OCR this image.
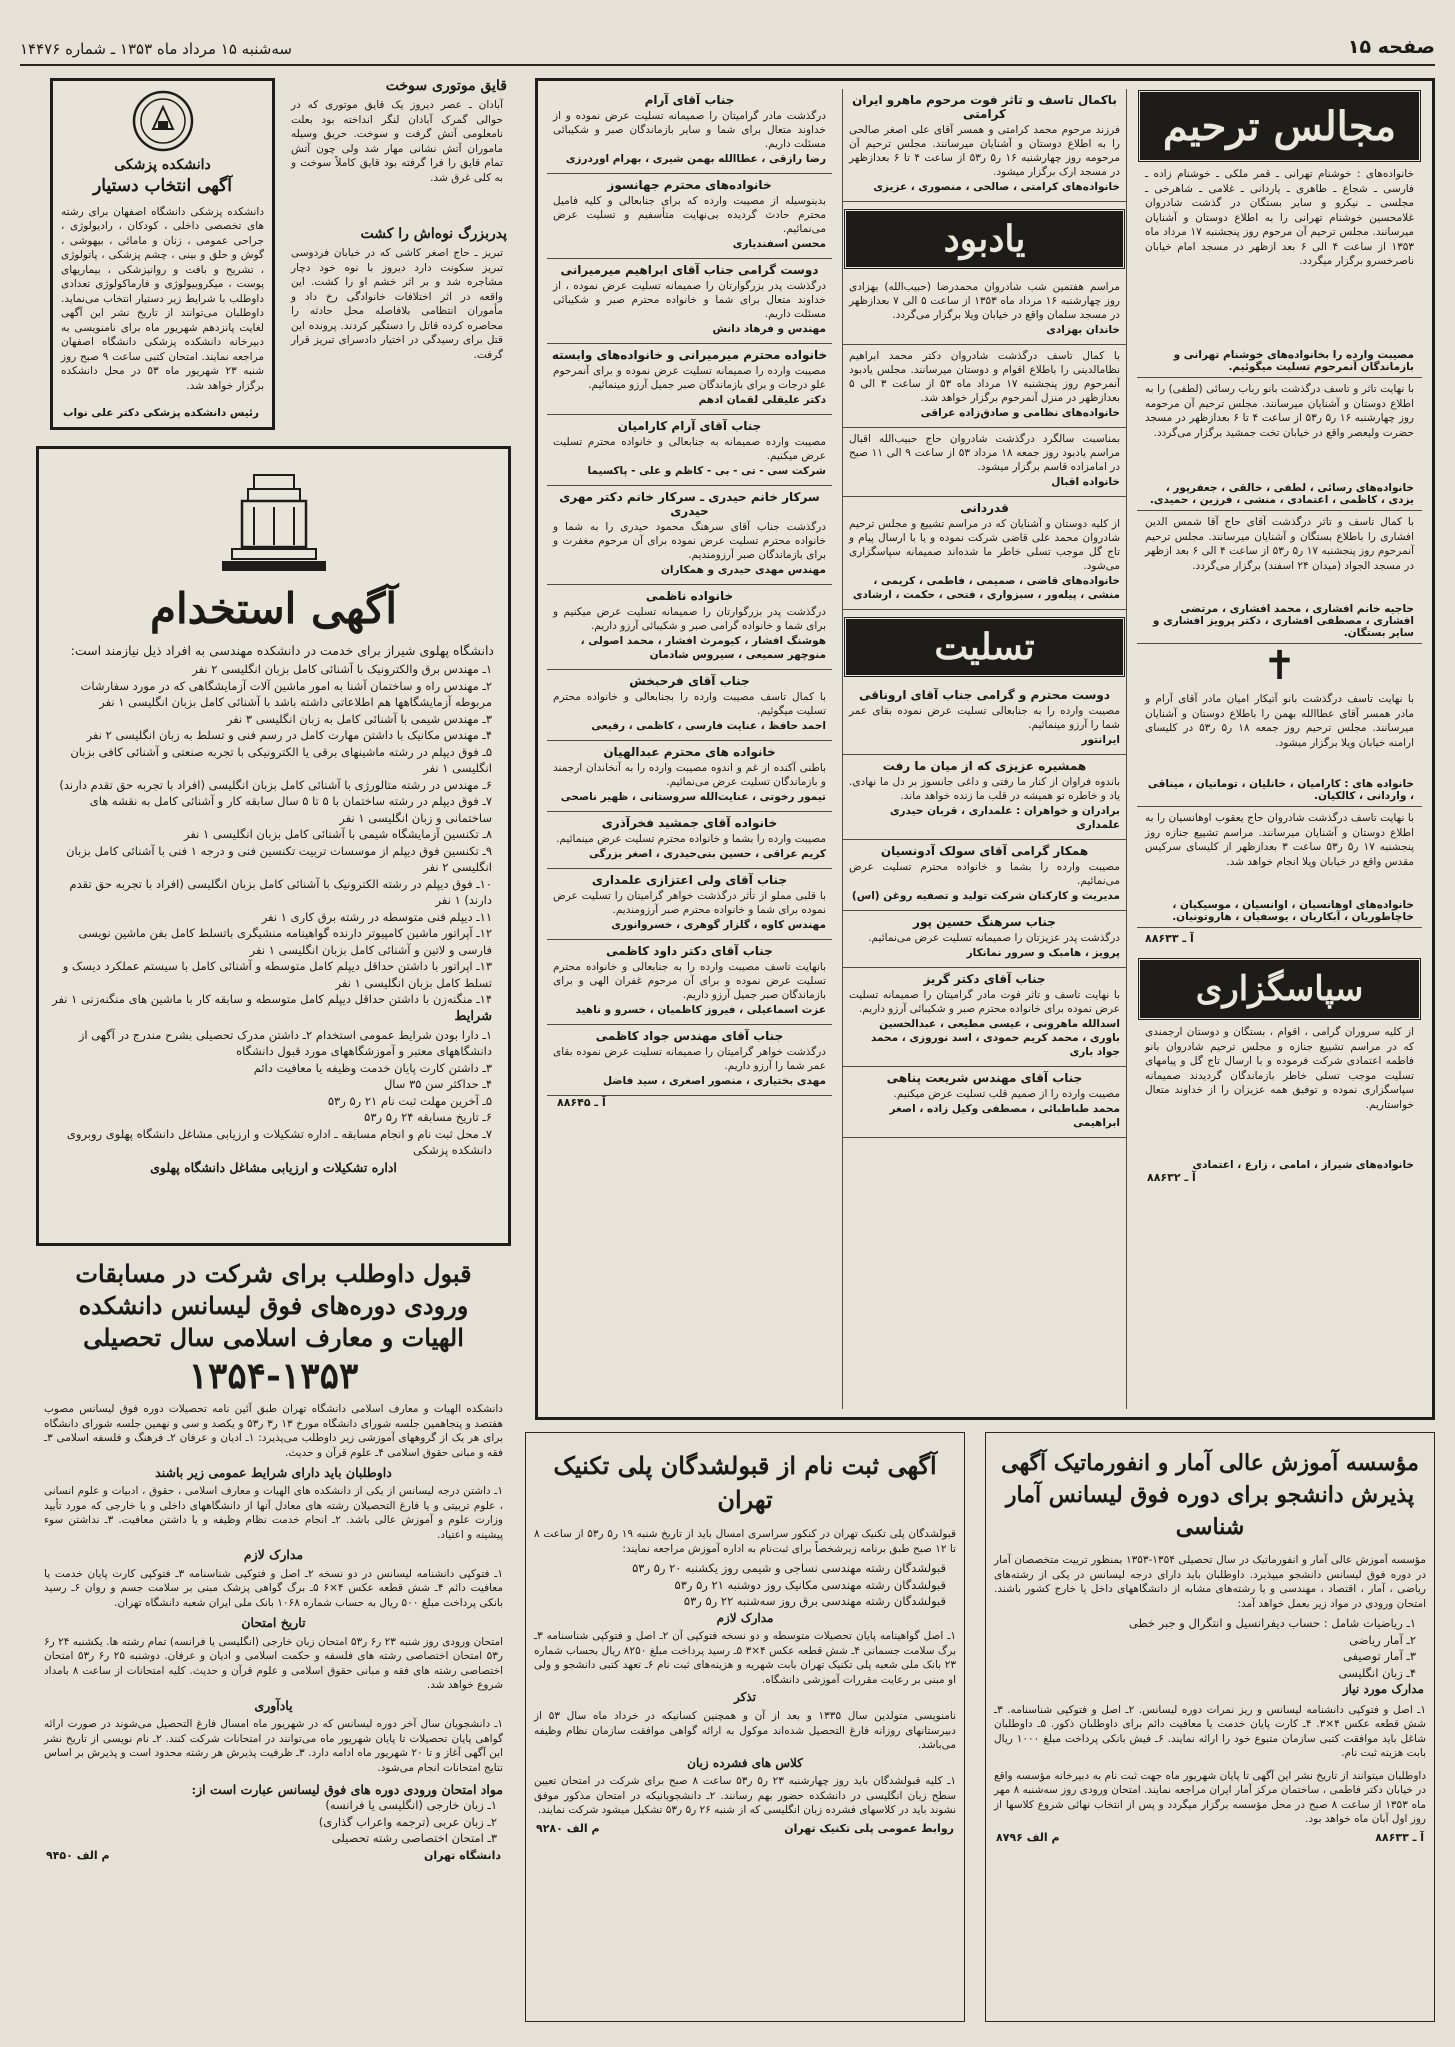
صفحه ۱۵
سه‌شنبه ۱۵ مرداد ماه ۱۳۵۳ ـ شماره ۱۴۴۷۶
دانشکده پزشکی
آگهی انتخاب دستیار
دانشکده پزشکی دانشگاه اصفهان برای رشته های تخصصی داخلی ، کودکان ، رادیولوژی ، جراحی عمومی ، زنان و مامائی ، بیهوشی ، گوش و حلق و بینی ، چشم پزشکی ، پاتولوژی ، تشریح و بافت و روانپزشکی ، بیماریهای پوست ، میکروبیولوژی و فارماکولوژی تعدادی داوطلب با شرایط زیر دستیار انتخاب می‌نماید. داوطلبان می‌توانند از تاریخ نشر این آگهی لغایت پانزدهم شهریور ماه برای نامنویسی به دبیرخانه دانشکده پزشکی دانشگاه اصفهان مراجعه نمایند. امتحان کتبی ساعت ۹ صبح روز شنبه ۲۳ شهریور ماه ۵۳ در محل دانشکده برگزار خواهد شد.
رئیس دانشکده پزشکی دکتر علی نواب
قایق موتوری سوخت
آبادان ـ عصر دیروز یک قایق موتوری که در حوالی گمرک آبادان لنگر انداخته بود بعلت نامعلومی آتش گرفت و سوخت. حریق وسیله ماموران آتش نشانی مهار شد ولی چون آتش تمام قایق را فرا گرفته بود قایق کاملاً سوخت و به کلی غرق شد.
پدربزرگ نوه‌اش را کشت
تبریز ـ حاج اصغر کاشی که در خیابان فردوسی تبریز سکونت دارد دیروز با نوه خود دچار مشاجره شد و بر اثر خشم او را کشت. این واقعه در اثر اختلافات خانوادگی رخ داد و مأموران انتظامی بلافاصله محل حادثه را محاصره کرده قاتل را دستگیر کردند. پرونده این قتل برای رسیدگی در اختیار دادسرای تبریز قرار گرفت.
آگهی استخدام
دانشگاه پهلوی شیراز برای خدمت در دانشکده مهندسی به افراد ذیل نیازمند است:
۱ـ مهندس برق والکترونیک با آشنائی کامل بزبان انگلیسی ۲ نفر
۲ـ مهندس راه و ساختمان آشنا به امور ماشین آلات آزمایشگاهی که در مورد سفارشات مربوطه آزمایشگاهها هم اطلاعاتی داشته باشد با آشنائی کامل بزبان انگلیسی ۱ نفر
۳ـ مهندس شیمی با آشنائی کامل به زبان انگلیسی ۳ نفر
۴ـ مهندس مکانیک با داشتن مهارت کامل در رسم فنی و تسلط به زبان انگلیسی ۲ نفر
۵ـ فوق دیپلم در رشته ماشینهای برقی یا الکترونیکی با تجربه صنعتی و آشنائی کافی بزبان انگلیسی ۱ نفر
۶ـ مهندس در رشته متالورژی با آشنائی کامل بزبان انگلیسی (افراد با تجربه حق تقدم دارند)
۷ـ فوق دیپلم در رشته ساختمان با ۵ تا ۵ سال سابقه کار و آشنائی کامل به نقشه های ساختمانی و زبان انگلیسی ۱ نفر
۸ـ تکنسین آزمایشگاه شیمی با آشنائی کامل بزبان انگلیسی ۱ نفر
۹ـ تکنسین فوق دیپلم از موسسات تربیت تکنسین فنی و درجه ۱ فنی با آشنائی کامل بزبان انگلیسی ۲ نفر
۱۰ـ فوق دیپلم در رشته الکترونیک با آشنائی کامل بزبان انگلیسی (افراد با تجربه حق تقدم دارند) ۱ نفر
۱۱ـ دیپلم فنی متوسطه در رشته برق کاری ۱ نفر
۱۲ـ آپراتور ماشین کامپیوتر دارنده گواهینامه منشیگری باتسلط کامل بفن ماشین نویسی فارسی و لاتین و آشنائی کامل بزبان انگلیسی ۱ نفر
۱۳ـ اپراتور با داشتن حداقل دیپلم کامل متوسطه و آشنائی کامل با سیستم عملکرد دیسک و تسلط کامل بزبان انگلیسی ۱ نفر
۱۴ـ منگنه‌زن با داشتن حداقل دیپلم کامل متوسطه و سابقه کار با ماشین های منگنه‌زنی ۱ نفر
شرایط
۱ـ دارا بودن شرایط عمومی استخدام ۲ـ داشتن مدرک تحصیلی بشرح مندرج در آگهی از دانشگاههای معتبر و آموزشگاههای مورد قبول دانشگاه
۳ـ داشتن کارت پایان خدمت وظیفه یا معافیت دائم
۴ـ حداکثر سن ۳۵ سال
۵ـ آخرین مهلت ثبت نام ۲۱ ر۵ ر۵۳
۶ـ تاریخ مسابقه ۲۴ ر۵ ر۵۳
۷ـ محل ثبت نام و انجام مسابقه ـ اداره تشکیلات و ارزیابی مشاغل دانشگاه پهلوی روبروی دانشکده پزشکی
اداره تشکیلات و ارزیابی مشاغل دانشگاه پهلوی
قبول داوطلب برای شرکت در مسابقات ورودی دوره‌های فوق لیسانس دانشکده الهیات و معارف اسلامی سال تحصیلی
۱۳۵۴-۱۳۵۳
دانشکده الهیات و معارف اسلامی دانشگاه تهران طبق آئین نامه تحصیلات دوره فوق لیسانس مصوب هفتصد و پنجاهمین جلسه شورای دانشگاه مورخ ۱۳ ر۳ ر۵۳ و یکصد و سی و نهمین جلسه شورای دانشگاه برای هر یک از گروههای آموزشی زیر داوطلب می‌پذیرد: ۱ـ ادیان و عرفان ۲ـ فرهنگ و فلسفه اسلامی ۳ـ فقه و مبانی حقوق اسلامی ۴ـ علوم قرآن و حدیث.
داوطلبان باید دارای شرایط عمومی زیر باشند
۱ـ داشتن درجه لیسانس از یکی از دانشکده های الهیات و معارف اسلامی ، حقوق ، ادبیات و علوم انسانی ، علوم تربیتی و یا فارغ التحصیلان رشته های معادل آنها از دانشگاههای داخلی و یا خارجی که مورد تأیید وزارت علوم و آموزش عالی باشد. ۲ـ انجام خدمت نظام وظیفه و یا داشتن معافیت. ۳ـ نداشتن سوء پیشینه و اعتیاد.
مدارک لازم
۱ـ فتوکپی دانشنامه لیسانس در دو نسخه ۲ـ اصل و فتوکپی شناسنامه ۳ـ فتوکپی کارت پایان خدمت یا معافیت دائم ۴ـ شش قطعه عکس ۴×۶ ۵ـ برگ گواهی پزشک مبنی بر سلامت جسم و روان ۶ـ رسید بانکی پرداخت مبلغ ۵۰۰ ریال به حساب شماره ۱۰۶۸ بانک ملی ایران شعبه دانشگاه تهران.
تاریخ امتحان
امتحان ورودی روز شنبه ۲۳ ر۶ ر۵۳ امتحان زبان خارجی (انگلیسی یا فرانسه) تمام رشته ها. یکشنبه ۲۴ ر۶ ر۵۳ امتحان اختصاصی رشته های فلسفه و حکمت اسلامی و ادیان و عرفان. دوشنبه ۲۵ ر۶ ر۵۳ امتحان اختصاصی رشته های فقه و مبانی حقوق اسلامی و علوم قرآن و حدیث. کلیه امتحانات از ساعت ۸ بامداد شروع خواهد شد.
یادآوری
۱ـ دانشجویان سال آخر دوره لیسانس که در شهریور ماه امسال فارغ التحصیل می‌شوند در صورت ارائه گواهی پایان تحصیلات تا پایان شهریور ماه می‌توانند در امتحانات شرکت کنند. ۲ـ نام نویسی از تاریخ نشر این آگهی آغاز و تا ۲۰ شهریور ماه ادامه دارد. ۳ـ ظرفیت پذیرش هر رشته محدود است و پذیرش بر اساس نتایج امتحانات انجام می‌شود.
مواد امتحان ورودی دوره های فوق لیسانس عبارت است از:
۱ـ زبان خارجی (انگلیسی یا فرانسه)
۲ـ زبان عربی (ترجمه واعراب گذاری)
۳ـ امتحان اختصاصی رشته تحصیلی
دانشگاه تهران
م الف ۹۴۵۰
مجالس ترحیم
خانواده‌های : خوشنام تهرانی ـ قمر ملکی ـ خوشنام زاده ـ فارسی ـ شجاع ـ طاهری ـ یاردانی ـ غلامی ـ شاهرخی ـ مجلسی ـ نیکرو و سایر بستگان در گذشت شادروان غلامحسین خوشنام تهرانی را به اطلاع دوستان و آشنایان میرسانند. مجلس ترحیم آن مرحوم روز پنجشنبه ۱۷ مرداد ماه ۱۳۵۳ از ساعت ۴ الی ۶ بعد ازظهر در مسجد امام خیابان ناصرخسرو برگزار میگردد.
مصیبت وارده را بخانواده‌های خوشنام تهرانی و بازماندگان آنمرحوم تسلیت میگوئیم.
با نهایت تاثر و تاسف درگذشت بانو رباب رسائی (لطفی) را به اطلاع دوستان و آشنایان میرسانند. مجلس ترحیم آن مرحومه روز چهارشنبه ۱۶ ر۵ ر۵۳ از ساعت ۴ تا ۶ بعدازظهر در مسجد حضرت ولیعصر واقع در خیابان تخت جمشید برگزار می‌گردد.
خانواده‌های رسائی ، لطفی ، خالقی ، جعفرپور ، یزدی ، کاظمی ، اعتمادی ، منشی ، فرزین ، حمیدی.
با کمال تاسف و تاثر درگذشت آقای حاج آقا شمس الدین افشاری را باطلاع بستگان و آشنایان میرسانند. مجلس ترحیم آنمرحوم روز پنجشنبه ۱۷ ر۵ ر۵۳ از ساعت ۴ الی ۶ بعد ازظهر در مسجد الجواد (میدان ۲۴ اسفند) برگزار می‌گردد.
حاجیه خانم افشاری ، محمد افشاری ، مرتضی افشاری ، مصطفی افشاری ، دکتر پرویز افشاری و سایر بستگان.
✝
با نهایت تاسف درگذشت بانو آتیکار امیان مادر آقای آرام و مادر همسر آقای عطاالله بهمن را باطلاع دوستان و آشنایان میرسانند. مجلس ترحیم روز جمعه ۱۸ ر۵ ر۵۳ در کلیسای ارامنه خیابان ویلا برگزار میشود.
خانواده های : کارامیان ، خانلیان ، تومانیان ، میناقی ، واردانی ، کالکیان.
با نهایت تاسف درگذشت شادروان حاج یعقوب اوهانسیان را به اطلاع دوستان و آشنایان میرسانند. مراسم تشییع جنازه روز پنجشنبه ۱۷ ر۵ ر۵۳ ساعت ۳ بعدازظهر از کلیسای سرکیس مقدس واقع در خیابان ویلا انجام خواهد شد.
خانواده‌های اوهانسیان ، اوانسیان ، موسیکیان ، خاچاطوریان ، آبکاریان ، یوسفیان ، هاروتونیان.
آ ـ ۸۸۶۳۳
سپاسگزاری
از کلیه سروران گرامی ، اقوام ، بستگان و دوستان ارجمندی که در مراسم تشییع جنازه و مجلس ترحیم شادروان بانو فاطمه اعتمادی شرکت فرموده و با ارسال تاج گل و پیامهای تسلیت موجب تسلی خاطر بازماندگان گردیدند صمیمانه سپاسگزاری نموده و توفیق همه عزیزان را از خداوند متعال خواستاریم.
خانواده‌های شیراز ، امامی ، زارع ، اعتمادی
آ ـ ۸۸۶۳۲
باکمال تاسف و تاثر فوت مرحوم ماهرو ایران کرامتی
فرزند مرحوم محمد کرامتی و همسر آقای علی اصغر صالحی را به اطلاع دوستان و آشنایان میرسانند. مجلس ترحیم آن مرحومه روز چهارشنبه ۱۶ ر۵ ر۵۳ از ساعت ۴ تا ۶ بعدازظهر در مسجد ارک برگزار میشود.
خانواده‌های کرامتی ، صالحی ، منصوری ، عزیزی
یادبود
مراسم هفتمین شب شادروان محمدرضا (حبیب‌الله) بهزادی روز چهارشنبه ۱۶ مرداد ماه ۱۳۵۳ از ساعت ۵ الی ۷ بعدازظهر در مسجد سلمان واقع در خیابان ویلا برگزار می‌گردد.
خاندان بهزادی
با کمال تاسف درگذشت شادروان دکتر محمد ابراهیم نظامالدینی را باطلاع اقوام و دوستان میرسانند. مجلس یادبود آنمرحوم روز پنجشنبه ۱۷ مرداد ماه ۵۳ از ساعت ۳ الی ۵ بعدازظهر در منزل آنمرحوم برگزار خواهد شد.
خانواده‌های نظامی و صادق‌زاده عراقی
بمناسبت سالگرد درگذشت شادروان حاج حبیب‌الله اقبال مراسم یادبود روز جمعه ۱۸ مرداد ۵۳ از ساعت ۹ الی ۱۱ صبح در امامزاده قاسم برگزار میشود.
خانواده اقبال
قدردانی
از کلیه دوستان و آشنایان که در مراسم تشییع و مجلس ترحیم شادروان محمد علی قاضی شرکت نموده و یا با ارسال پیام و تاج گل موجب تسلی خاطر ما شده‌اند صمیمانه سپاسگزاری می‌شود.
خانواده‌های قاضی ، صمیمی ، فاطمی ، کریمی ، منشی ، پیله‌ور ، سبزواری ، فتحی ، حکمت ، ارشادی
تسلیت
دوست محترم و گرامی جناب آقای اروناقی
مصیبت وارده را به جنابعالی تسلیت عرض نموده بقای عمر شما را آرزو مینمائیم.
ایرانتور
همشیره عزیزی که از میان ما رفت
باندوه فراوان از کنار ما رفتی و داغی جانسوز بر دل ما نهادی. یاد و خاطره تو همیشه در قلب ما زنده خواهد ماند.
برادران و خواهران : علمداری ، قربان حیدری علمداری
همکار گرامی آقای سولک آدونسیان
مصیبت وارده را بشما و خانواده محترم تسلیت عرض می‌نمائیم.
مدیریت و کارکنان شرکت تولید و تصفیه روغن (اس)
جناب سرهنگ حسین پور
درگذشت پدر عزیزتان را صمیمانه تسلیت عرض می‌نمائیم.
پرویز ، هامبک و سرور نمانکار
جناب آقای دکتر گریز
با نهایت تاسف و تاثر فوت مادر گرامیتان را صمیمانه تسلیت عرض نموده برای خانواده محترم صبر و شکیبائی آرزو داریم.
اسدالله ماهرونی ، عیسی مطیعی ، عبدالحسین باوری ، محمد کریم حمودی ، اسد نوروزی ، محمد جواد باری
جناب آقای مهندس شریعت پناهی
مصیبت وارده را از صمیم قلب تسلیت عرض میکنیم.
محمد طباطبائی ، مصطفی وکیل زاده ، اصغر ابراهیمی
جناب آقای آرام
درگذشت مادر گرامیتان را صمیمانه تسلیت عرض نموده و از خداوند متعال برای شما و سایر بازماندگان صبر و شکیبائی مسئلت داریم.
رضا رازقی ، عطاالله بهمن شیری ، بهرام اوردرزی
خانواده‌های محترم جهانسوز
بدینوسیله از مصیبت وارده که برای جنابعالی و کلیه فامیل محترم حادث گردیده بی‌نهایت متأسفیم و تسلیت عرض می‌نمائیم.
محسن اسفندیاری
دوست گرامی جناب آقای ابراهیم میرمیرانی
درگذشت پدر بزرگوارتان را صمیمانه تسلیت عرض نموده ، از خداوند متعال برای شما و خانواده محترم صبر و شکیبائی مسئلت داریم.
مهندس و فرهاد دانش
خانواده محترم میرمیرانی و خانواده‌های وابسته
مصیبت وارده را صمیمانه تسلیت عرض نموده و برای آنمرحوم علو درجات و برای بازماندگان صبر جمیل آرزو مینمائیم.
دکتر علیقلی لقمان ادهم
جناب آقای آرام کارامیان
مصیبت وارده صمیمانه به جنابعالی و خانواده محترم تسلیت عرض میکنیم.
شرکت سی - تی - بی - کاظم و علی - پاکسیما
سرکار خانم حیدری ـ سرکار خانم دکتر مهری حیدری
درگذشت جناب آقای سرهنگ محمود حیدری را به شما و خانواده محترم تسلیت عرض نموده برای آن مرحوم مغفرت و برای بازماندگان صبر آرزومندیم.
مهندس مهدی حیدری و همکاران
خانواده ناظمی
درگذشت پدر بزرگوارتان را صمیمانه تسلیت عرض میکنیم و برای شما و خانواده گرامی صبر و شکیبائی آرزو داریم.
هوشنگ افشار ، کیومرث افشار ، محمد اصولی ، منوچهر سمیعی ، سیروس شادمان
جناب آقای فرحبخش
با کمال تاسف مصیبت وارده را بجنابعالی و خانواده محترم تسلیت میگوئیم.
احمد حافظ ، عنایت فارسی ، کاظمی ، رفیعی
خانواده های محترم عبدالهیان
باطنی آکنده از غم و اندوه مصیبت وارده را به آنخاندان ارجمند و بازماندگان تسلیت عرض می‌نمائیم.
تیمور رخوتی ، عنایت‌الله سروستانی ، ظهیر ناصحی
خانواده آقای جمشید فخرآذری
مصیبت وارده را بشما و خانواده محترم تسلیت عرض مینمائیم.
کریم عراقی ، حسین بنی‌حیدری ، اصغر بزرگی
جناب آقای ولی اعتزازی علمداری
با قلبی مملو از تأثر درگذشت خواهر گرامیتان را تسلیت عرض نموده برای شما و خانواده محترم صبر آرزومندیم.
مهندس کاوه ، گلزار گوهری ، خسروانوری
جناب آقای دکتر داود کاظمی
بانهایت تاسف مصیبت وارده را به جنابعالی و خانواده محترم تسلیت عرض نموده و برای آن مرحوم غفران الهی و برای بازماندگان صبر جمیل آرزو داریم.
عزت اسماعیلی ، فیروز کاظمیان ، خسرو و ناهید
جناب آقای مهندس جواد کاظمی
درگذشت خواهر گرامیتان را صمیمانه تسلیت عرض نموده بقای عمر شما را آرزو داریم.
مهدی بختیاری ، منصور اصغری ، سید فاضل
آ ـ ۸۸۶۴۵
آگهی ثبت نام از قبولشدگان پلی تکنیک تهران
قبولشدگان پلی تکنیک تهران در کنکور سراسری امسال باید از تاریخ شنبه ۱۹ ر۵ ر۵۳ از ساعت ۸ تا ۱۲ صبح طبق برنامه زیرشخصاً برای ثبت‌نام به اداره آموزش مراجعه نمایند:
قبولشدگان رشته مهندسی نساجی و شیمی روز یکشنبه ۲۰ ر۵ ر۵۳
قبولشدگان رشته مهندسی مکانیک روز دوشنبه ۲۱ ر۵ ر۵۳
قبولشدگان رشته مهندسی برق روز سه‌شنبه ۲۲ ر۵ ر۵۳
مدارک لازم
۱ـ اصل گواهینامه پایان تحصیلات متوسطه و دو نسخه فتوکپی آن ۲ـ اصل و فتوکپی شناسنامه ۳ـ برگ سلامت جسمانی ۴ـ شش قطعه عکس ۴×۳ ۵ـ رسید پرداخت مبلغ ۸۲۵۰ ریال بحساب شماره ۲۳ بانک ملی شعبه پلی تکنیک تهران بابت شهریه و هزینه‌های ثبت نام ۶ـ تعهد کتبی دانشجو و ولی او مبنی بر رعایت مقررات آموزشی دانشگاه.
تذکر
نامنویسی متولدین سال ۱۳۳۵ و بعد از آن و همچنین کسانیکه در خرداد ماه سال ۵۳ از دبیرستانهای روزانه فارغ التحصیل شده‌اند موکول به ارائه گواهی موافقت سازمان نظام وظیفه می‌باشد.
کلاس های فشرده زبان
۱ـ کلیه قبولشدگان باید روز چهارشنبه ۲۳ ر۵ ر۵۳ ساعت ۸ صبح برای شرکت در امتحان تعیین سطح زبان انگلیسی در دانشکده حضور بهم رسانند. ۲ـ دانشجویانیکه در امتحان مذکور موفق نشوند باید در کلاسهای فشرده زبان انگلیسی که از شنبه ۲۶ ر۵ ر۵۳ تشکیل میشود شرکت نمایند.
روابط عمومی پلی تکنیک تهران
م الف ۹۲۸۰
مؤسسه آموزش عالی آمار و انفورماتیک آگهی پذیرش دانشجو برای دوره فوق لیسانس آمار شناسی
مؤسسه آموزش عالی آمار و انفورماتیک در سال تحصیلی ۱۳۵۴-۱۳۵۳ بمنظور تربیت متخصصان آمار در دوره فوق لیسانس دانشجو میپذیرد. داوطلبان باید دارای درجه لیسانس در یکی از رشته‌های ریاضی ، آمار ، اقتصاد ، مهندسی و یا رشته‌های مشابه از دانشگاههای داخل یا خارج کشور باشند. امتحان ورودی در مواد زیر بعمل خواهد آمد:
۱ـ ریاضیات شامل : حساب دیفرانسیل و انتگرال و جبر خطی
۲ـ آمار ریاضی
۳ـ آمار توصیفی
۴ـ زبان انگلیسی
مدارک مورد نیاز
۱ـ اصل و فتوکپی دانشنامه لیسانس و ریز نمرات دوره لیسانس. ۲ـ اصل و فتوکپی شناسنامه. ۳ـ شش قطعه عکس ۴×۳. ۴ـ کارت پایان خدمت یا معافیت دائم برای داوطلبان ذکور. ۵ـ داوطلبان شاغل باید موافقت کتبی سازمان متبوع خود را ارائه نمایند. ۶ـ فیش بانکی پرداخت مبلغ ۱۰۰۰ ریال بابت هزینه ثبت نام.
داوطلبان میتوانند از تاریخ نشر این آگهی تا پایان شهریور ماه جهت ثبت نام به دبیرخانه مؤسسه واقع در خیابان دکتر فاطمی ، ساختمان مرکز آمار ایران مراجعه نمایند. امتحان ورودی روز سه‌شنبه ۸ مهر ماه ۱۳۵۳ از ساعت ۸ صبح در محل مؤسسه برگزار میگردد و پس از انتخاب نهائی شروع کلاسها از روز اول آبان ماه خواهد بود.
آ ـ ۸۸۶۳۳
م الف ۸۷۹۶
